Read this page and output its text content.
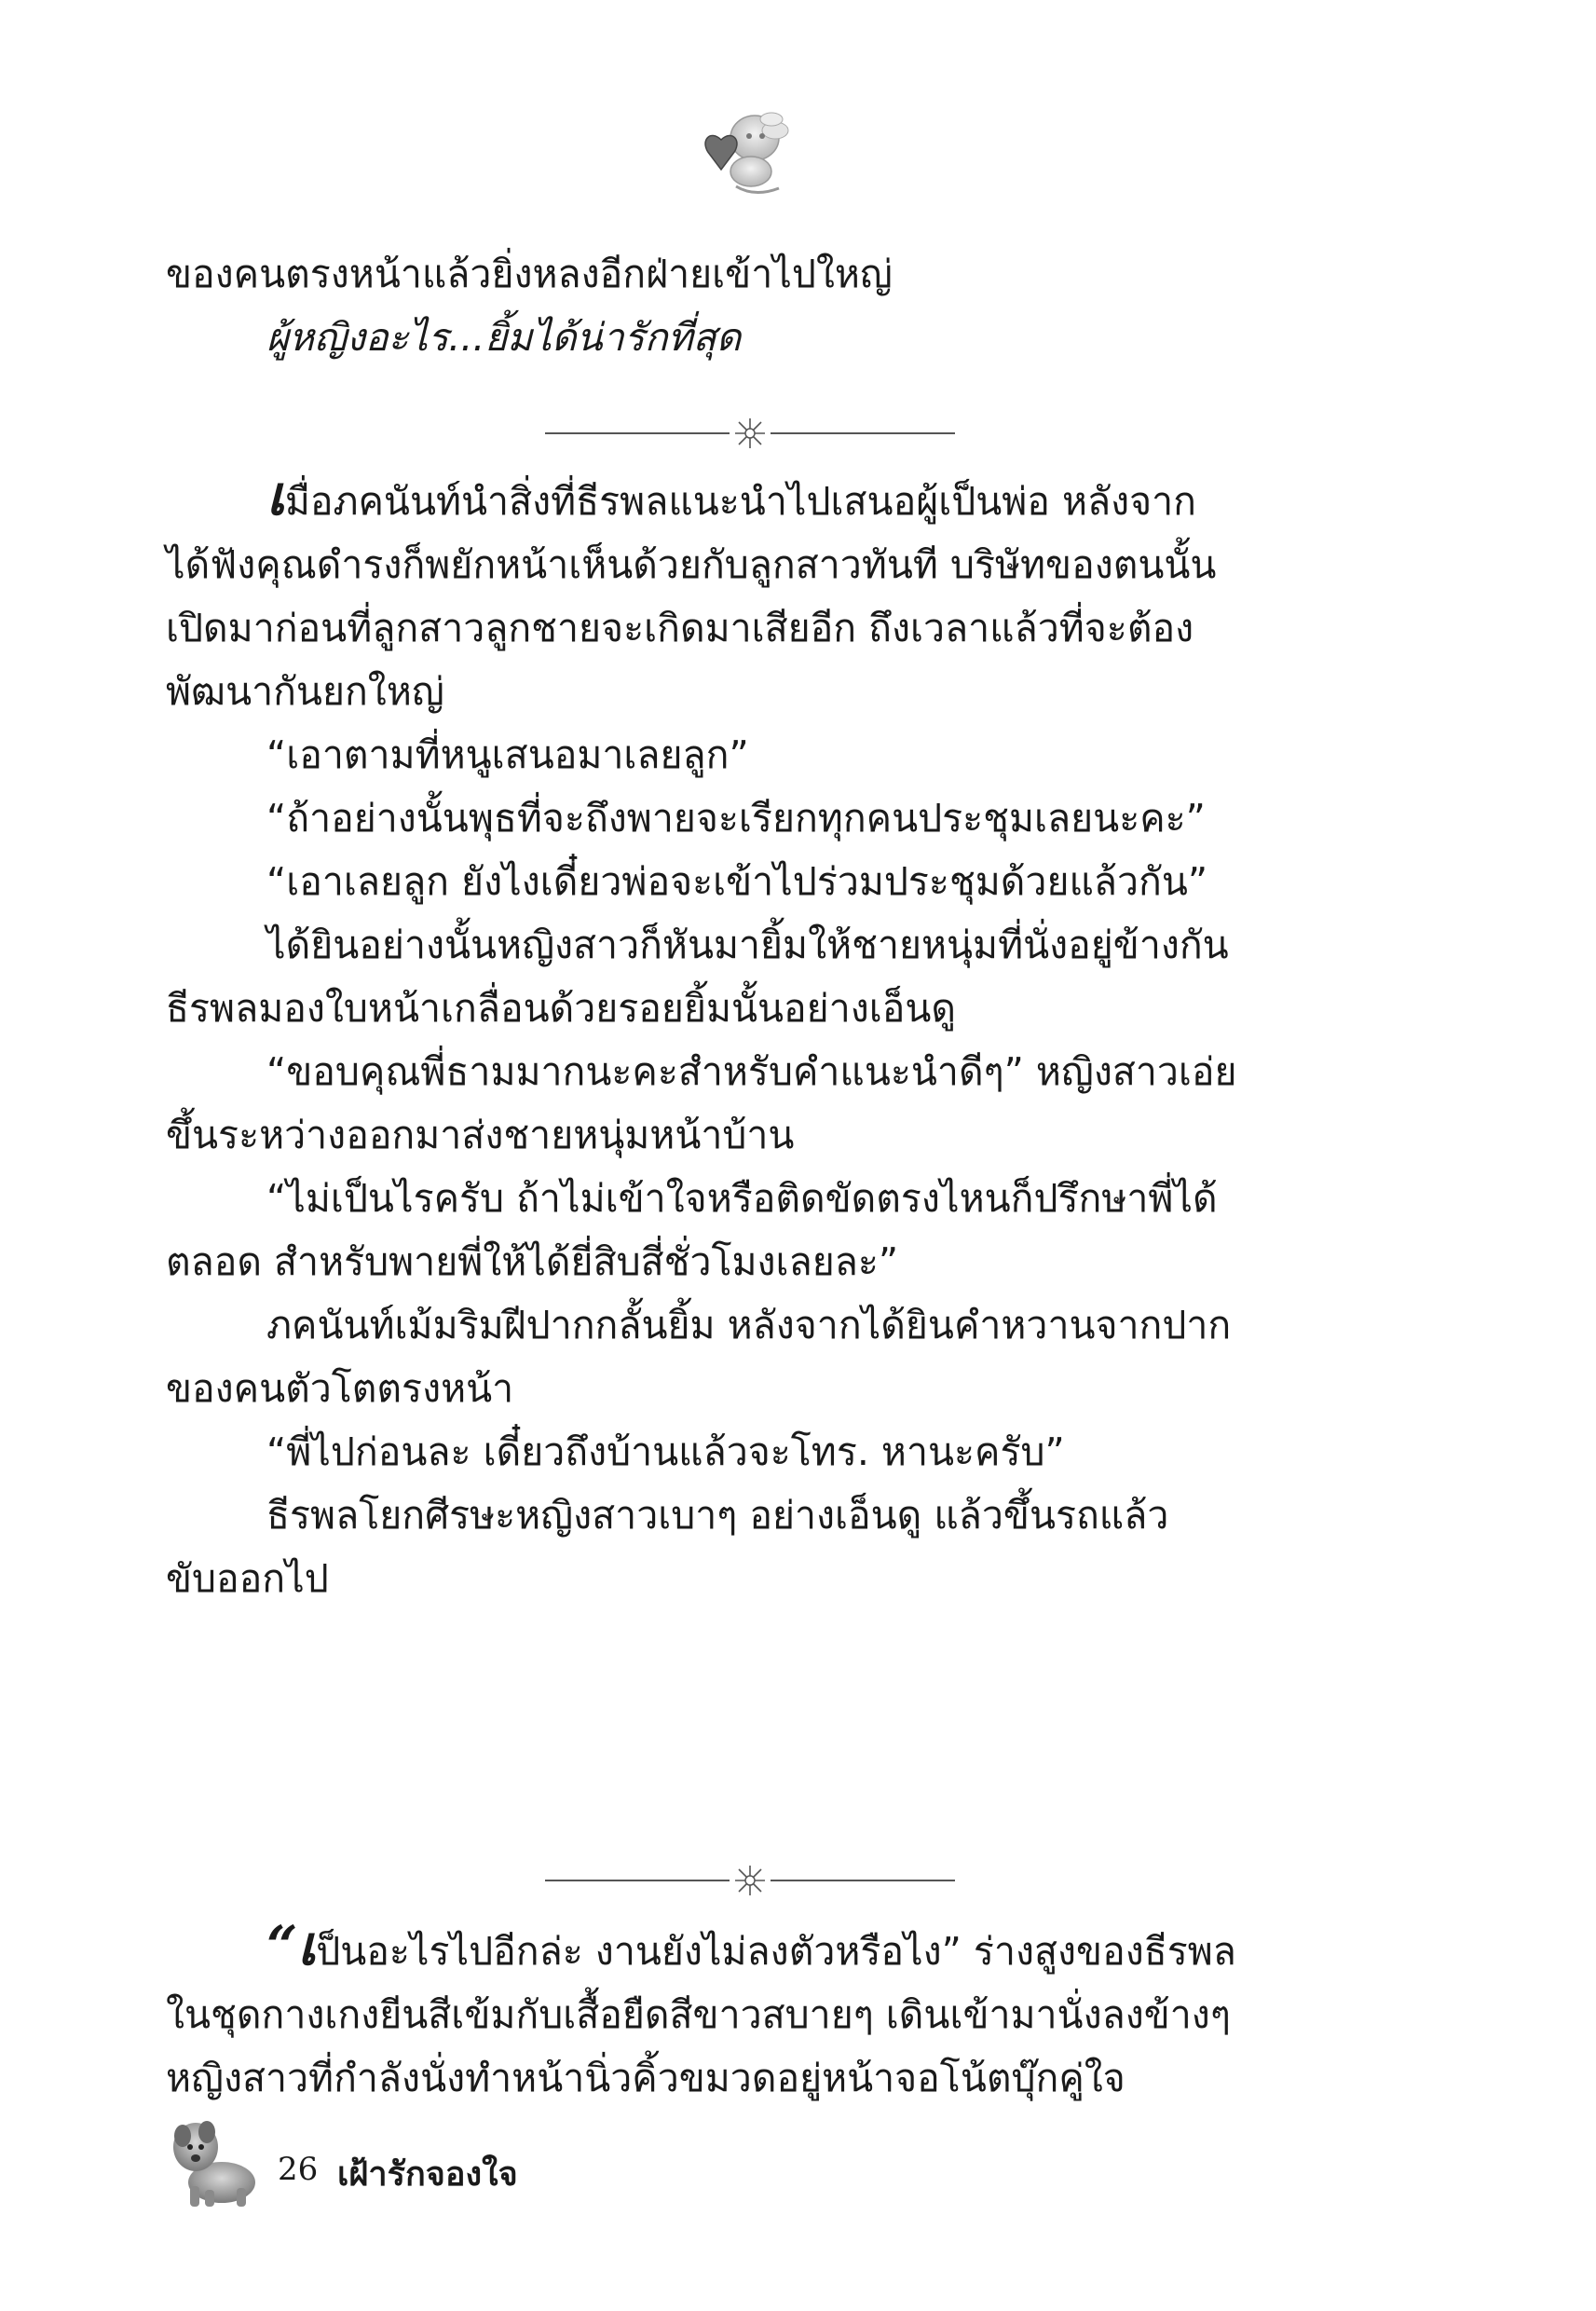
ของคนตรงหน้าแล้วยิ่งหลงอีกฝ่ายเข้าไปใหญ่

ผู้หญิงอะไร...ยิ้มได้น่ารักที่สุด

เมื่อภคนันท์นำสิ่งที่ธีรพลแนะนำไปเสนอผู้เป็นพ่อ หลังจาก

ได้ฟังคุณดำรงก็พยักหน้าเห็นด้วยกับลูกสาวทันที บริษัทของตนนั้น

เปิดมาก่อนที่ลูกสาวลูกชายจะเกิดมาเสียอีก ถึงเวลาแล้วที่จะต้อง

พัฒนากันยกใหญ่

“เอาตามที่หนูเสนอมาเลยลูก”

“ถ้าอย่างนั้นพุธที่จะถึงพายจะเรียกทุกคนประชุมเลยนะคะ”

“เอาเลยลูก ยังไงเดี๋ยวพ่อจะเข้าไปร่วมประชุมด้วยแล้วกัน”

ได้ยินอย่างนั้นหญิงสาวก็หันมายิ้มให้ชายหนุ่มที่นั่งอยู่ข้างกัน

ธีรพลมองใบหน้าเกลื่อนด้วยรอยยิ้มนั้นอย่างเอ็นดู

“ขอบคุณพี่ธามมากนะคะสำหรับคำแนะนำดีๆ” หญิงสาวเอ่ย

ขึ้นระหว่างออกมาส่งชายหนุ่มหน้าบ้าน

“ไม่เป็นไรครับ ถ้าไม่เข้าใจหรือติดขัดตรงไหนก็ปรึกษาพี่ได้

ตลอด สำหรับพายพี่ให้ได้ยี่สิบสี่ชั่วโมงเลยละ”

ภคนันท์เม้มริมฝีปากกลั้นยิ้ม หลังจากได้ยินคำหวานจากปาก

ของคนตัวโตตรงหน้า

“พี่ไปก่อนละ เดี๋ยวถึงบ้านแล้วจะโทร. หานะครับ”

ธีรพลโยกศีรษะหญิงสาวเบาๆ อย่างเอ็นดู แล้วขึ้นรถแล้ว

ขับออกไป

“เป็นอะไรไปอีกล่ะ งานยังไม่ลงตัวหรือไง” ร่างสูงของธีรพล

ในชุดกางเกงยีนสีเข้มกับเสื้อยืดสีขาวสบายๆ เดินเข้ามานั่งลงข้างๆ

หญิงสาวที่กำลังนั่งทำหน้านิ่วคิ้วขมวดอยู่หน้าจอโน้ตบุ๊กคู่ใจ

26 เฝ้ารักจองใจ
